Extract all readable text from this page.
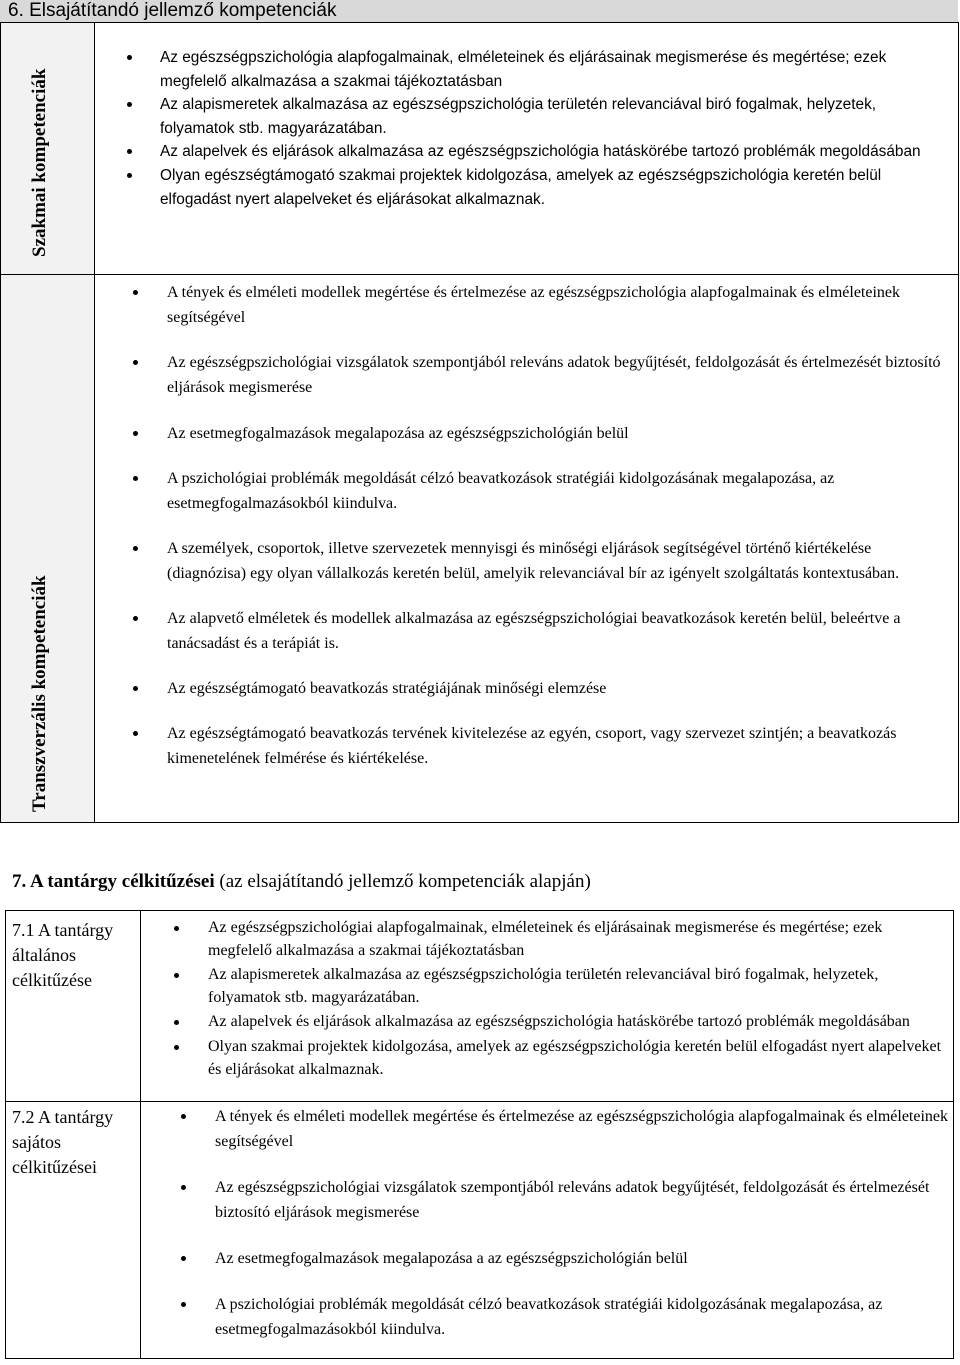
6. Elsajátítandó jellemző kompetenciák
Szakmai kompetenciák
Transzverzális kompetenciák
Az egészségpszichológia alapfogalmainak, elméleteinek és eljárásainak megismerése és megértése; ezek megfelelő alkalmazása a szakmai tájékoztatásban
Az alapismeretek alkalmazása az egészségpszichológia területén relevanciával biró fogalmak, helyzetek, folyamatok stb. magyarázatában.
Az alapelvek és eljárások alkalmazása az egészségpszichológia hatáskörébe tartozó problémák megoldásában
Olyan egészségtámogató szakmai projektek kidolgozása, amelyek az egészségpszichológia keretén belül elfogadást nyert alapelveket és eljárásokat alkalmaznak.
A tények és elméleti modellek megértése és értelmezése az egészségpszichológia alapfogalmainak és elméleteinek segítségével
Az egészségpszichológiai vizsgálatok szempontjából releváns adatok begyűjtését, feldolgozását és értelmezését biztosító eljárások megismerése
Az esetmegfogalmazások megalapozása az egészségpszichológián belül
A pszichológiai problémák megoldását célzó beavatkozások stratégiái kidolgozásának megalapozása, az esetmegfogalmazásokból kiindulva.
A személyek, csoportok, illetve szervezetek mennyisgi és minőségi eljárások segítségével történő kiértékelése (diagnózisa) egy olyan vállalkozás keretén belül, amelyik relevanciával bír az igényelt szolgáltatás kontextusában.
Az alapvető elméletek és modellek alkalmazása az egészségpszichológiai beavatkozások keretén belül, beleértve a tanácsadást és a terápiát is.
Az egészségtámogató beavatkozás stratégiájának minőségi elemzése
Az egészségtámogató beavatkozás tervének kivitelezése az egyén, csoport, vagy szervezet szintjén; a beavatkozás kimenetelének felmérése és kiértékelése.
7. A tantárgy célkitűzései (az elsajátítandó jellemző kompetenciák alapján)
7.1 A tantárgy általános célkitűzése
7.2 A tantárgy sajátos célkitűzései
Az egészségpszichológiai alapfogalmainak, elméleteinek és eljárásainak megismerése és megértése; ezek megfelelő alkalmazása a szakmai tájékoztatásban
Az alapismeretek alkalmazása az egészségpszichológia területén relevanciával biró fogalmak, helyzetek, folyamatok stb. magyarázatában.
Az alapelvek és eljárások alkalmazása az egészségpszichológia hatáskörébe tartozó problémák megoldásában
Olyan szakmai projektek kidolgozása, amelyek az egészségpszichológia keretén belül elfogadást nyert alapelveket és eljárásokat alkalmaznak.
A tények és elméleti modellek megértése és értelmezése az egészségpszichológia alapfogalmainak és elméleteinek segítségével
Az egészségpszichológiai vizsgálatok szempontjából releváns adatok begyűjtését, feldolgozását és értelmezését biztosító eljárások megismerése
Az esetmegfogalmazások megalapozása a az egészségpszichológián belül
A pszichológiai problémák megoldását célzó beavatkozások stratégiái kidolgozásának megalapozása, az esetmegfogalmazásokból kiindulva.
